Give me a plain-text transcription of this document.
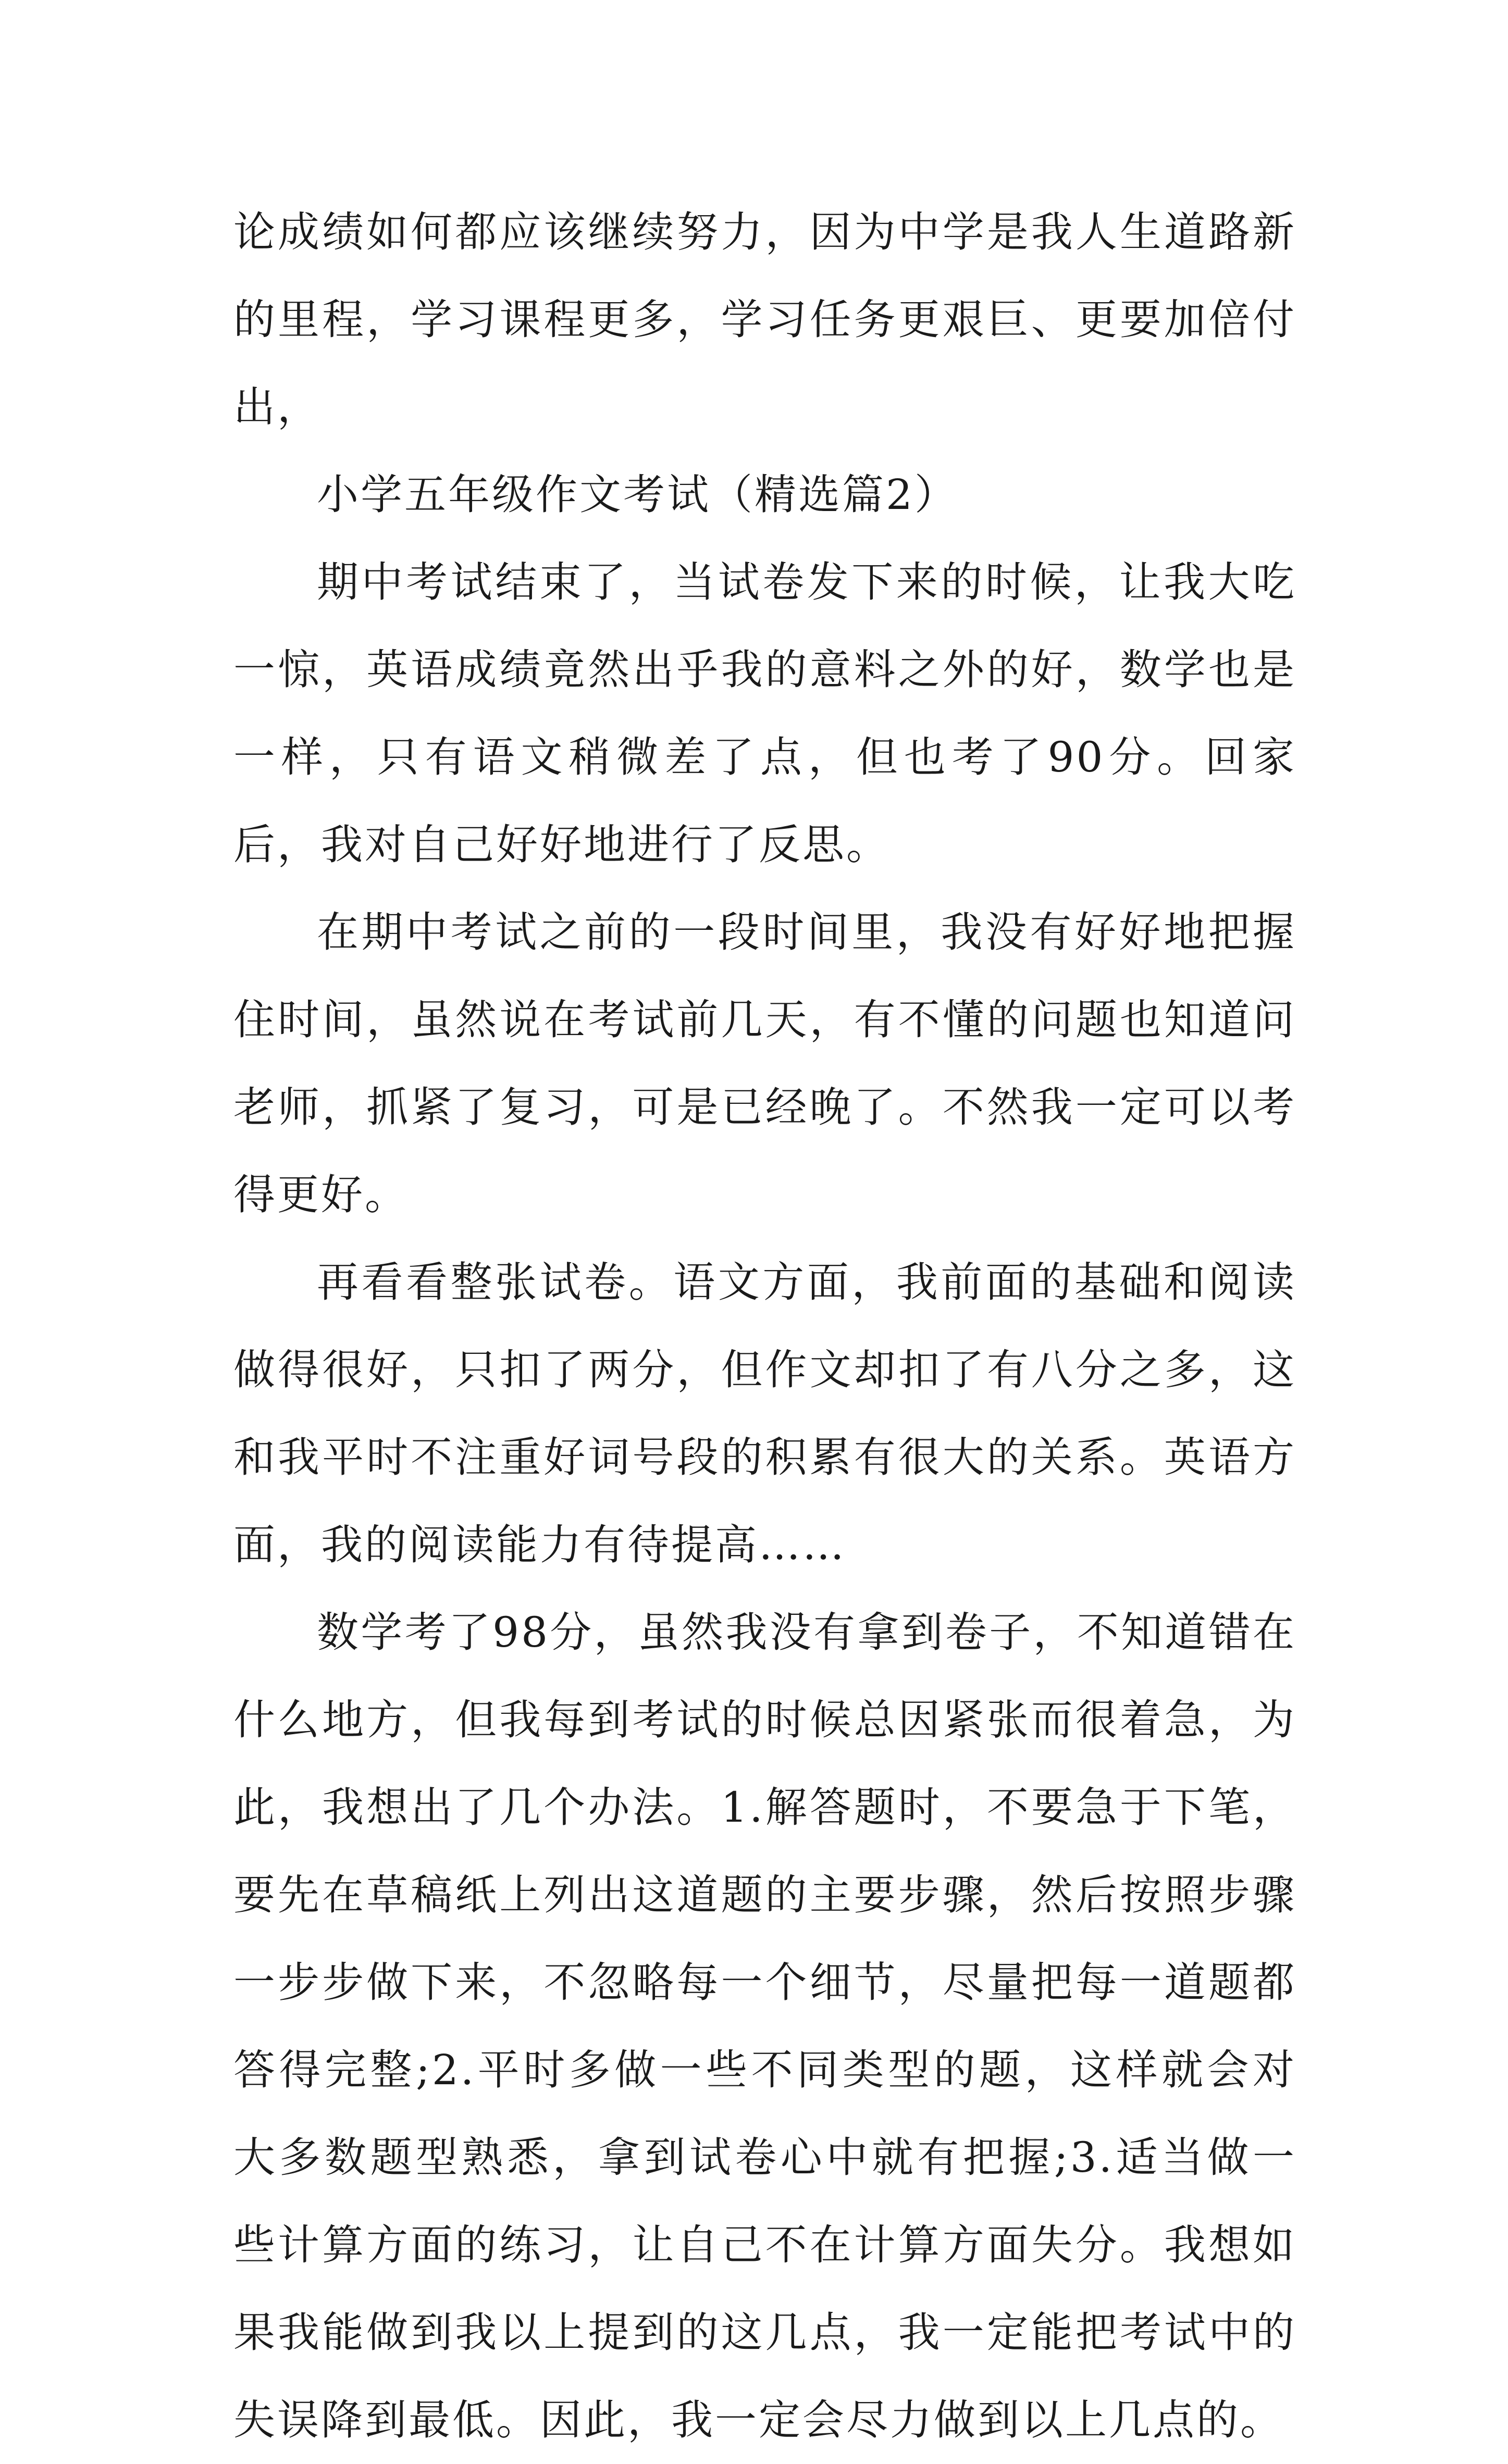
论成绩如何都应该继续努力，因为中学是我人生道路新的里程，学习课程更多，学习任务更艰巨、更要加倍付出，

小学五年级作文考试（精选篇2）

期中考试结束了，当试卷发下来的时候，让我大吃一惊，英语成绩竟然出乎我的意料之外的好，数学也是一样，只有语文稍微差了点，但也考了90分。回家后，我对自己好好地进行了反思。

在期中考试之前的一段时间里，我没有好好地把握住时间，虽然说在考试前几天，有不懂的问题也知道问老师，抓紧了复习，可是已经晚了。不然我一定可以考得更好。

再看看整张试卷。语文方面，我前面的基础和阅读做得很好，只扣了两分，但作文却扣了有八分之多，这和我平时不注重好词号段的积累有很大的关系。英语方面，我的阅读能力有待提高……

数学考了98分，虽然我没有拿到卷子，不知道错在什么地方，但我每到考试的时候总因紧张而很着急，为此，我想出了几个办法。1.解答题时，不要急于下笔，要先在草稿纸上列出这道题的主要步骤，然后按照步骤一步步做下来，不忽略每一个细节，尽量把每一道题都答得完整;2.平时多做一些不同类型的题，这样就会对大多数题型熟悉，拿到试卷心中就有把握;3.适当做一些计算方面的练习，让自己不在计算方面失分。我想如果我能做到我以上提到的这几点，我一定能把考试中的失误降到最低。因此，我一定会尽力做到以上几点的。
